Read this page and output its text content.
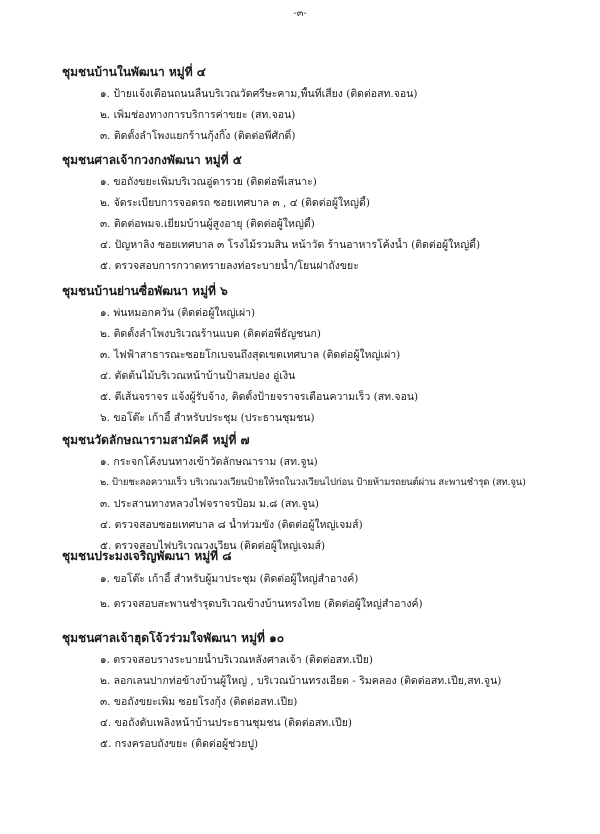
-๓-
ชุมชนบ้านในพัฒนา หมู่ที่ ๔
๑. ป้ายแจ้งเตือนถนนลื่นบริเวณวัดศรีษะคาม,พื้นที่เสี่ยง (ติดต่อสท.จอน)
๒. เพิ่มช่องทางการบริการค่าขยะ (สท.จอน)
๓. ติดตั้งลำโพงแยกร้านกุ้งกิ๊ง (ติดต่อพี่ศักดิ์)
ชุมชนศาลเจ้ากวงกงพัฒนา หมู่ที่ ๕
๑. ขอถังขยะเพิ่มบริเวณอู่ดารวย (ติดต่อพี่เสนาะ)
๒. จัดระเบียบการจอดรถ ซอยเทศบาล ๓ , ๔ (ติดต่อผู้ใหญ่ดี้)
๓. ติดต่อพมจ.เยี่ยมบ้านผู้สูงอายุ (ติดต่อผู้ใหญ่ดี้)
๔. ปัญหาลิง ซอยเทศบาล ๓ โรงไม้รวมสิน หน้าวัด ร้านอาหารโค้งน้ำ (ติดต่อผู้ใหญ่ดี้)
๕. ตรวจสอบการกวาดทรายลงท่อระบายน้ำ/โยนฝาถังขยะ
ชุมชนบ้านย่านซื่อพัฒนา หมู่ที่ ๖
๑. พ่นหมอกควัน (ติดต่อผู้ใหญ่เผ่า)
๒. ติดตั้งลำโพงบริเวณร้านแบต (ติดต่อพี่ธัญชนก)
๓. ไฟฟ้าสาธารณะซอยโกเบจนถึงสุดเขตเทศบาล (ติดต่อผู้ใหญ่เผ่า)
๔. ตัดต้นไม้บริเวณหน้าบ้านป้าสมปอง อู่เงิน
๕. ตีเส้นจราจร แจ้งผู้รับจ้าง, ติดตั้งป้ายจราจรเตือนความเร็ว (สท.จอน)
๖. ขอโต๊ะ เก้าอี้ สำหรับประชุม (ประธานชุมชน)
ชุมชนวัดลักษณารามสามัคคี หมู่ที่ ๗
๑. กระจกโค้งบนทางเข้าวัดลักษณาราม (สท.จูน)
๒. ป้ายชะลอความเร็ว บริเวณวงเวียนป้ายให้รถในวงเวียนไปก่อน ป้ายห้ามรถยนต์ผ่าน สะพานชำรุด (สท.จูน)
๓. ประสานทางหลวงไฟจราจรป้อม ม.๘ (สท.จูน)
๔. ตรวจสอบซอยเทศบาล ๘ น้ำท่วมขัง (ติดต่อผู้ใหญ่เจมส์)
๕. ตรวจสอบไฟบริเวณวงเวียน (ติดต่อผู้ใหญ่เจมส์)
ชุมชนประมงเจริญพัฒนา หมู่ที่ ๘
๑. ขอโต๊ะ เก้าอี้ สำหรับผู้มาประชุม (ติดต่อผู้ใหญ่สำอางค์)
๒. ตรวจสอบสะพานชำรุดบริเวณข้างบ้านทรงไทย (ติดต่อผู้ใหญ่สำอางค์)
ชุมชนศาลเจ้าฮุดโจ้วร่วมใจพัฒนา หมู่ที่ ๑๐
๑. ตรวจสอบรางระบายน้ำบริเวณหลังศาลเจ้า (ติดต่อสท.เปีย)
๒. ลอกเลนปากท่อข้างบ้านผู้ใหญ่ , บริเวณบ้านทรงเอียด - ริมคลอง (ติดต่อสท.เปีย,สท.จูน)
๓. ขอถังขยะเพิ่ม ซอยโรงกุ้ง (ติดต่อสท.เปีย)
๔. ขอถังดับเพลิงหน้าบ้านประธานชุมชน (ติดต่อสท.เปีย)
๕. กรงครอบถังขยะ (ติดต่อผู้ช่วยปู)
